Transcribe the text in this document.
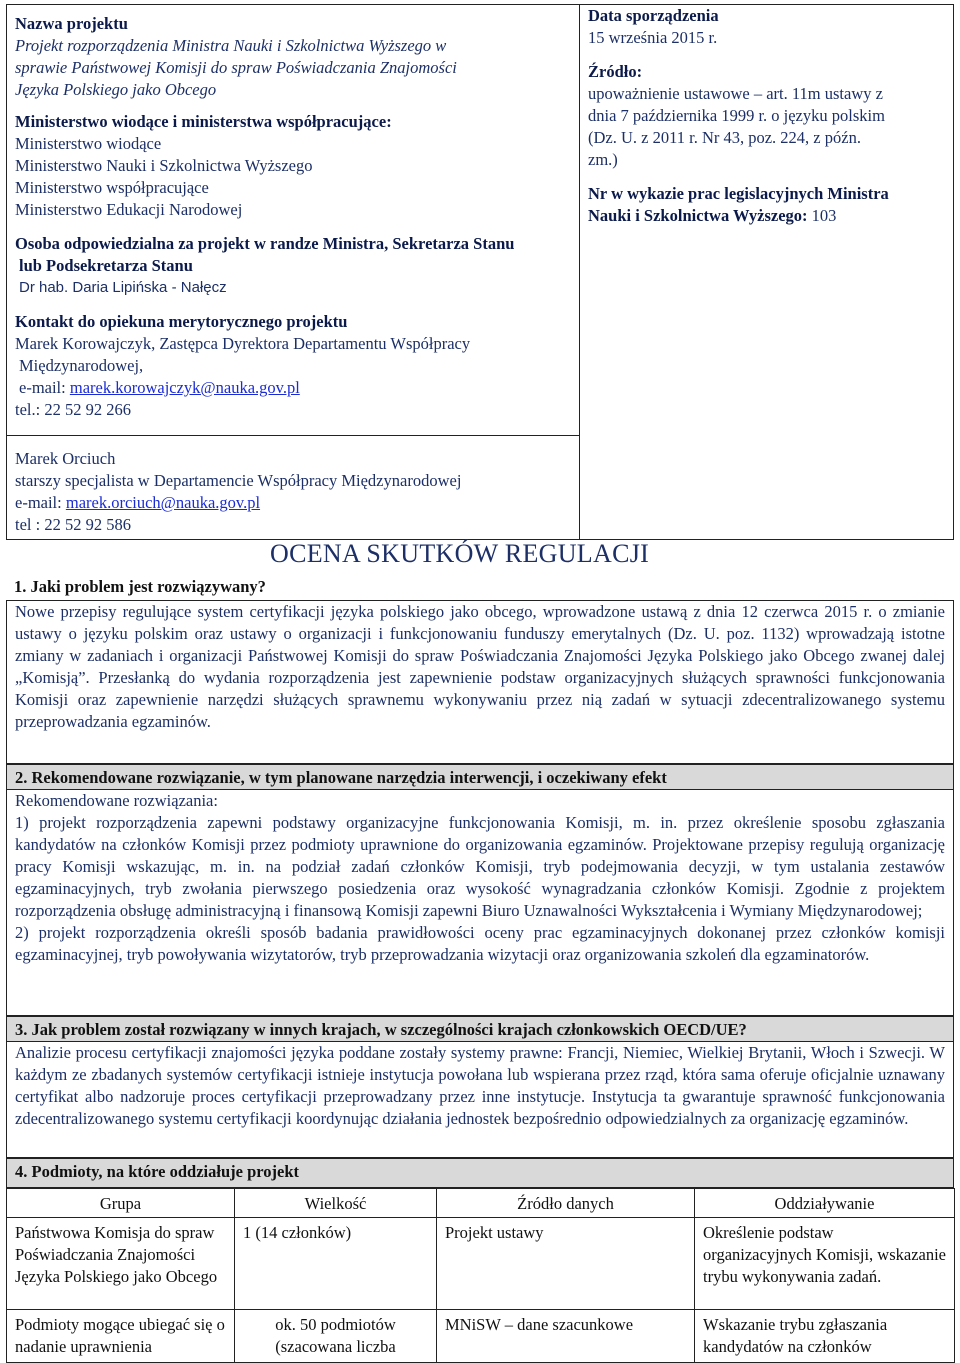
Nazwa projektu
Projekt rozporządzenia Ministra Nauki i Szkolnictwa Wyższego w
sprawie Państwowej Komisji do spraw Poświadczania Znajomości
Języka Polskiego jako Obcego
Ministerstwo wiodące i ministerstwa współpracujące:
Ministerstwo wiodące
Ministerstwo Nauki i Szkolnictwa Wyższego
Ministerstwo współpracujące
Ministerstwo Edukacji Narodowej
Osoba odpowiedzialna za projekt w randze Ministra, Sekretarza Stanu
lub Podsekretarza Stanu
Dr hab. Daria Lipińska - Nałęcz
Kontakt do opiekuna merytorycznego projektu
Marek Korowajczyk, Zastępca Dyrektora Departamentu Współpracy
Międzynarodowej,
e-mail: marek.korowajczyk@nauka.gov.pl
tel.: 22 52 92 266
Marek Orciuch
starszy specjalista w Departamencie Współpracy Międzynarodowej
e-mail: marek.orciuch@nauka.gov.pl
tel : 22 52 92 586
Data sporządzenia
15 września 2015 r.
Źródło:
upoważnienie ustawowe – art. 11m ustawy z
dnia 7 października 1999 r. o języku polskim
(Dz. U. z 2011 r. Nr 43, poz. 224, z późn.
zm.)
Nr w wykazie prac legislacyjnych Ministra
Nauki i Szkolnictwa Wyższego: 103
OCENA SKUTKÓW REGULACJI
1. Jaki problem jest rozwiązywany?
Nowe przepisy regulujące system certyfikacji języka polskiego jako obcego, wprowadzone ustawą z dnia 12 czerwca 2015 r. o zmianie ustawy o języku polskim oraz ustawy o organizacji i funkcjonowaniu funduszy emerytalnych (Dz. U. poz. 1132) wprowadzają istotne zmiany w zadaniach i organizacji Państwowej Komisji do spraw Poświadczania Znajomości Języka Polskiego jako Obcego zwanej dalej „Komisją”. Przesłanką do wydania rozporządzenia jest zapewnienie podstaw organizacyjnych służących sprawności funkcjonowania Komisji oraz zapewnienie narzędzi służących sprawnemu wykonywaniu przez nią zadań w sytuacji zdecentralizowanego systemu przeprowadzania egzaminów.
2. Rekomendowane rozwiązanie, w tym planowane narzędzia interwencji, i oczekiwany efekt
Rekomendowane rozwiązania:
1) projekt rozporządzenia zapewni podstawy organizacyjne funkcjonowania Komisji, m. in. przez określenie sposobu zgłaszania kandydatów na członków Komisji przez podmioty uprawnione do organizowania egzaminów. Projektowane przepisy regulują organizację pracy Komisji wskazując, m. in. na podział zadań członków Komisji, tryb podejmowania decyzji, w tym ustalania zestawów egzaminacyjnych, tryb zwołania pierwszego posiedzenia oraz wysokość wynagradzania członków Komisji. Zgodnie z projektem rozporządzenia obsługę administracyjną i finansową Komisji zapewni Biuro Uznawalności Wykształcenia i Wymiany Międzynarodowej;
2) projekt rozporządzenia określi sposób badania prawidłowości oceny prac egzaminacyjnych dokonanej przez członków komisji egzaminacyjnej, tryb powoływania wizytatorów, tryb przeprowadzania wizytacji oraz organizowania szkoleń dla egzaminatorów.
3. Jak problem został rozwiązany w innych krajach, w szczególności krajach członkowskich OECD/UE?
Analizie procesu certyfikacji znajomości języka poddane zostały systemy prawne: Francji, Niemiec, Wielkiej Brytanii, Włoch i Szwecji. W każdym ze zbadanych systemów certyfikacji istnieje instytucja powołana lub wspierana przez rząd, która sama oferuje oficjalnie uznawany certyfikat albo nadzoruje proces certyfikacji przeprowadzany przez inne instytucje. Instytucja ta gwarantuje sprawność funkcjonowania zdecentralizowanego systemu certyfikacji koordynując działania jednostek bezpośrednio odpowiedzialnych za organizację egzaminów.
4. Podmioty, na które oddziałuje projekt
Grupa	Wielkość	Źródło danych	Oddziaływanie
Państwowa Komisja do spraw Poświadczania Znajomości Języka Polskiego jako Obcego	1 (14 członków)	Projekt ustawy	Określenie podstaw organizacyjnych Komisji, wskazanie trybu wykonywania zadań.
Podmioty mogące ubiegać się o nadanie uprawnienia	ok. 50 podmiotów (szacowana liczba	MNiSW – dane szacunkowe	Wskazanie trybu zgłaszania kandydatów na członków
